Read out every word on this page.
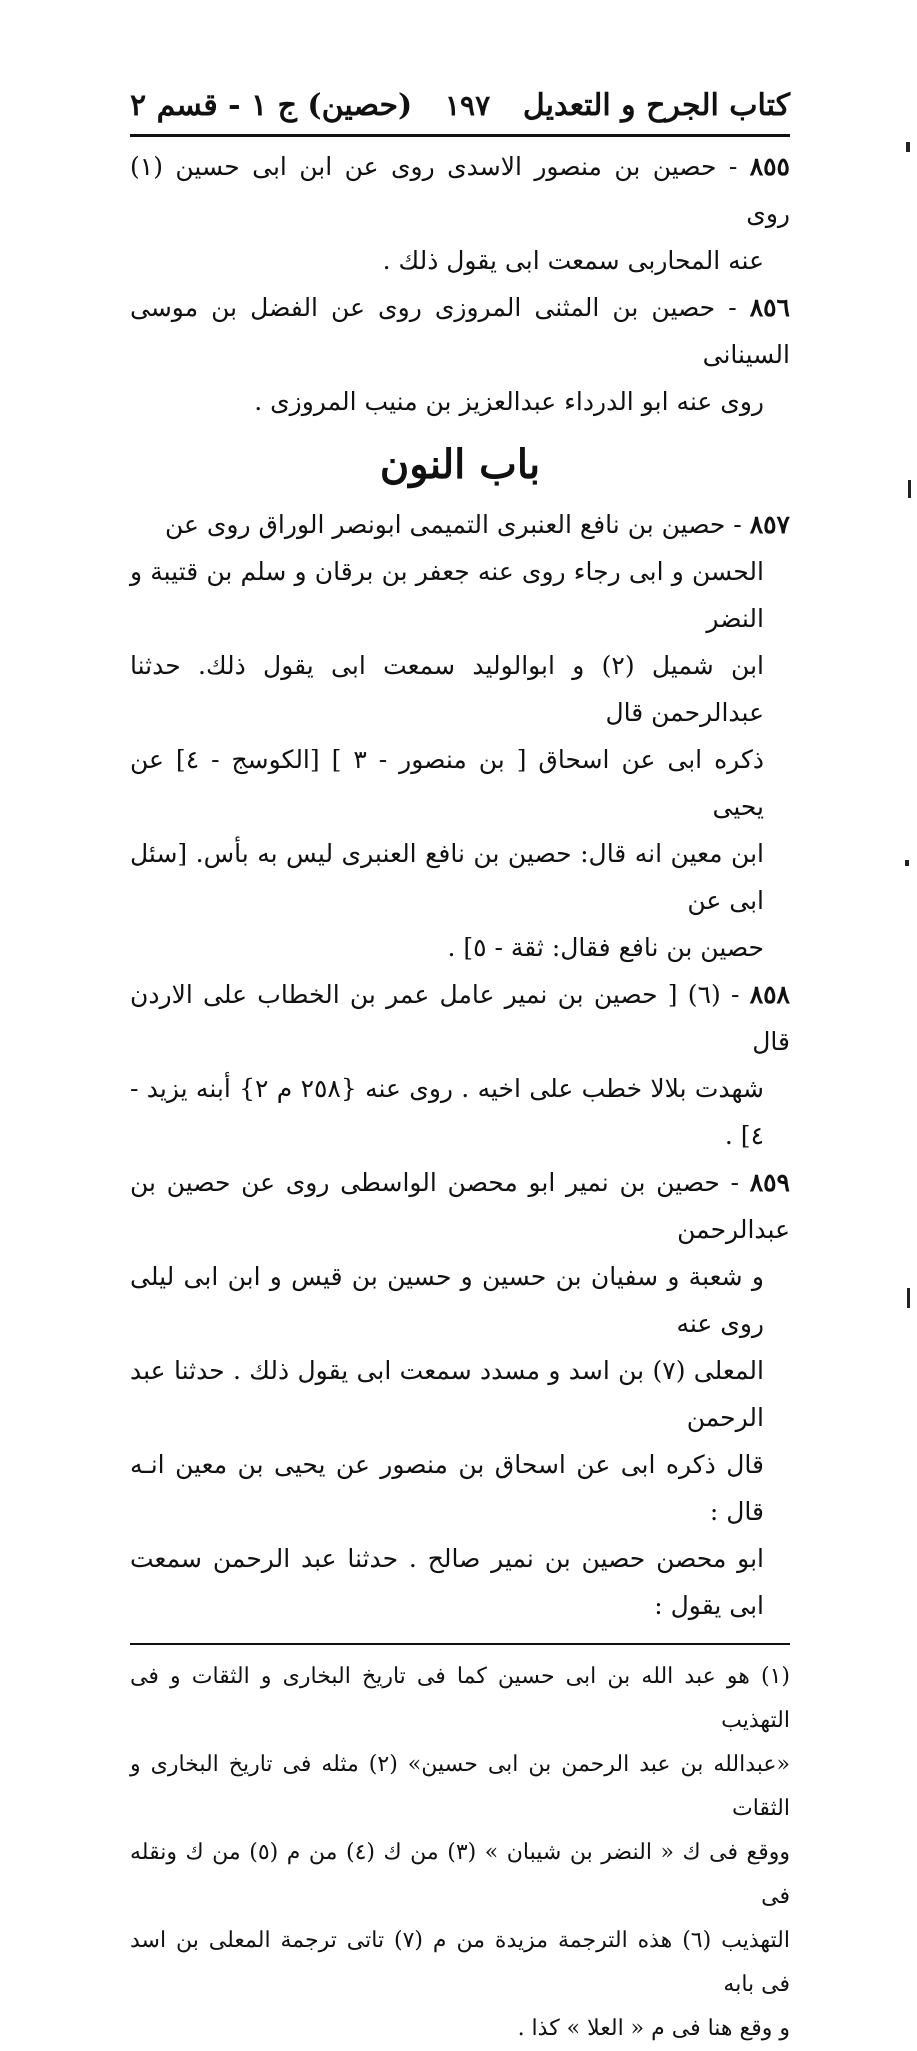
كتاب الجرح و التعديل
١٩٧
(حصين) ج ١ - قسم ٢

٨٥٥ - حصين بن منصور الاسدى روى عن ابن ابى حسين (١) روى

عنه المحاربى سمعت ابى يقول ذلك .

٨٥٦ - حصين بن المثنى المروزى روى عن الفضل بن موسى السينانى

روى عنه ابو الدرداء عبدالعزيز بن منيب المروزى .

باب النون

٨٥٧ - حصين بن نافع العنبرى التميمى ابونصر الوراق روى عن

الحسن و ابى رجاء روى عنه جعفر بن برقان و سلم بن قتيبة و النضر

ابن شميل (٢) و ابوالوليد سمعت ابى يقول ذلك. حدثنا عبدالرحمن قال

ذكره ابى عن اسحاق [ بن منصور - ٣ ] [الكوسج - ٤] عن يحيى

ابن معين انه قال: حصين بن نافع العنبرى ليس به بأس. [سئل ابى عن

حصين بن نافع فقال: ثقة - ٥] .

٨٥٨ - (٦) [ حصين بن نمير عامل عمر بن الخطاب على الاردن قال

شهدت بلالا خطب على اخيه . روى عنه {٢٥٨ م ٢} أبنه يزيد - ٤] .

٨٥٩ - حصين بن نمير ابو محصن الواسطى روى عن حصين بن عبدالرحمن

و شعبة و سفيان بن حسين و حسين بن قيس و ابن ابى ليلى روى عنه

المعلى (٧) بن اسد و مسدد سمعت ابى يقول ذلك . حدثنا عبد الرحمن

قال ذكره ابى عن اسحاق بن منصور عن يحيى بن معين انـه قال :

ابو محصن حصين بن نمير صالح . حدثنا عبد الرحمن سمعت ابى يقول :

(١) هو عبد الله بن ابى حسين كما فى تاريخ البخارى و الثقات و فى التهذيب

«عبدالله بن عبد الرحمن بن ابى حسين» (٢) مثله فى تاريخ البخارى و الثقات

ووقع فى ك « النضر بن شيبان » (٣) من ك (٤) من م (٥) من ك ونقله فى

التهذيب (٦) هذه الترجمة مزيدة من م (٧) تاتى ترجمة المعلى بن اسد فى بابه

و وقع هنا فى م « العلا » كذا .
